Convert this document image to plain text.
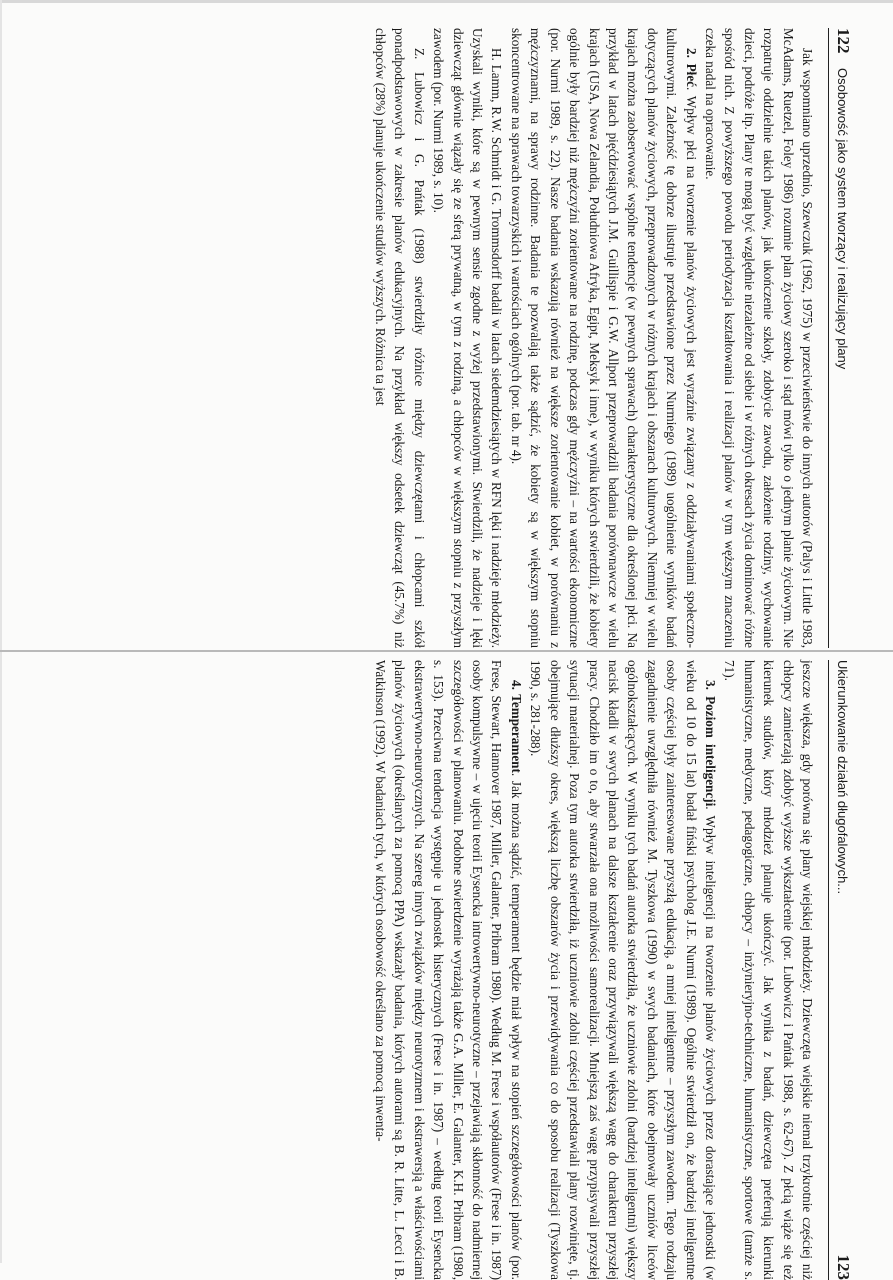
122
Osobowość jako system tworzący i realizujący plany

Jak wspomniano uprzednio, Szewczuk (1962, 1975) w przeciwieństwie do innych autorów (Palys i Little 1983, McAdams, Ruetzel, Foley 1986) rozumie plan życiowy szeroko i stąd mówi tylko o jednym planie życiowym. Nie rozpatruje oddzielnie takich planów, jak ukończenie szkoły, zdobycie zawodu, założenie rodziny, wychowanie dzieci, podróże itp. Plany te mogą być względnie niezależne od siebie i w różnych okresach życia dominować różne spośród nich. Z powyższego powodu periodyzacja kształtowania i realizacji planów w tym węższym znaczeniu czeka nadal na opracowanie.

2. Płeć. Wpływ płci na tworzenie planów życiowych jest wyraźnie związany z oddziaływaniami społeczno-kulturowymi. Zależność tę dobrze ilustruje przedstawione przez Nurmiego (1989) uogólnienie wyników badań dotyczących planów życiowych, przeprowadzonych w różnych krajach i obszarach kulturowych. Niemniej w wielu krajach można zaobserwować wspólne tendencje (w pewnych sprawach) charakterystyczne dla określonej płci. Na przykład w latach pięćdziesiątych J.M. Guillispie i G.W. Allport przeprowadzili badania porównawcze w wielu krajach (USA, Nowa Zelandia, Południowa Afryka, Egipt, Meksyk i inne), w wyniku których stwierdzili, że kobiety ogólnie były bardziej niż mężczyźni zorientowane na rodzinę, podczas gdy mężczyźni – na wartości ekonomiczne (por. Nurmi 1989, s. 22). Nasze badania wskazują również na większe zorientowanie kobiet, w porównaniu z mężczyznami, na sprawy rodzinne. Badania te pozwalają także sądzić, że kobiety są w większym stopniu skoncentrowane na sprawach towarzyskich i wartościach ogólnych (por. tab. nr 4).

H. Lamm, R.W. Schmidt i G. Trommsdorff badali w latach siedemdziesiątych w RFN lęki i nadzieje młodzieży. Uzyskali wyniki, które są w pewnym sensie zgodne z wyżej przedstawionymi. Stwierdzili, że nadzieje i lęki dziewcząt głównie wiązały się ze sferą prywatną, w tym z rodziną, a chłopców w większym stopniu z przyszłym zawodem (por. Nurmi 1989, s. 10).

Z. Lubowicz i G. Pańtak (1988) stwierdziły różnice między dziewczętami i chłopcami szkół ponadpodstawowych w zakresie planów edukacyjnych. Na przykład większy odsetek dziewcząt (45.7%) niż chłopców (28%) planuje ukończenie studiów wyższych. Różnica ta jest

Ukierunkowanie działań długofalowych...
123

jeszcze większa, gdy porówna się plany wiejskiej młodzieży. Dziewczęta wiejskie niemal trzykrotnie częściej niż chłopcy zamierzają zdobyć wyższe wykształcenie (por. Lubowicz i Pańtak 1988, s. 62-67). Z płcią wiąże się też kierunek studiów, który młodzież planuje ukończyć. Jak wynika z badań, dziewczęta preferują kierunki humanistyczne, medyczne, pedagogiczne, chłopcy – inżynieryjno-techniczne, humanistyczne, sportowe (tamże s. 71).

3. Poziom inteligencji. Wpływ inteligencji na tworzenie planów życiowych przez dorastające jednostki (w wieku od 10 do 15 lat) badał fiński psycholog J.E. Nurmi (1989). Ogólnie stwierdził on, że bardziej inteligentne osoby częściej były zainteresowane przyszłą edukacją, a mniej inteligentne – przyszłym zawodem. Tego rodzaju zagadnienie uwzględniła również M. Tyszkowa (1990) w swych badaniach, które obejmowały uczniów liceów ogólnokształcących. W wyniku tych badań autorka stwierdziła, że uczniowie zdolni (bardziej inteligentni) większy nacisk kładli w swych planach na dalsze kształcenie oraz przywiązywali większą wagę do charakteru przyszłej pracy. Chodziło im o to, aby stwarzała ona możliwości samorealizacji. Mniejszą zaś wagę przypisywali przyszłej sytuacji materialnej. Poza tym autorka stwierdziła, iż uczniowie zdolni częściej przedstawiali plany rozwinięte, tj. obejmujące dłuższy okres, większą liczbę obszarów życia i przewidywania co do sposobu realizacji (Tyszkowa 1990, s. 281-288).

4. Temperament. Jak można sądzić, temperament będzie miał wpływ na stopień szczegółowości planów (por. Frese, Stewart, Hannover 1987, Miller, Galanter, Pribram 1980). Według M. Frese i współautorów (Frese i in. 1987) osoby kompulsywne – w ujęciu teorii Eysencka introwertywno-neurotyczne – przejawiają skłonność do nadmiernej szczegółowości w planowaniu. Podobne stwierdzenie wyrażają także G.A. Miller, E. Galanter, K.H. Pribram (1980, s. 153). Przeciwna tendencja występuje u jednostek histerycznych (Frese i in. 1987) – według teorii Eysencka ekstrawertywno-neurotycznych. Na szereg innych związków między neurotyzmem i ekstrawersją a właściwościami planów życiowych (określanych za pomocą PPA) wskazały badania, których autorami są B. R. Litte, L. Lecci i B. Watkinson (1992). W badaniach tych, w których osobowość określano za pomocą inwenta-
